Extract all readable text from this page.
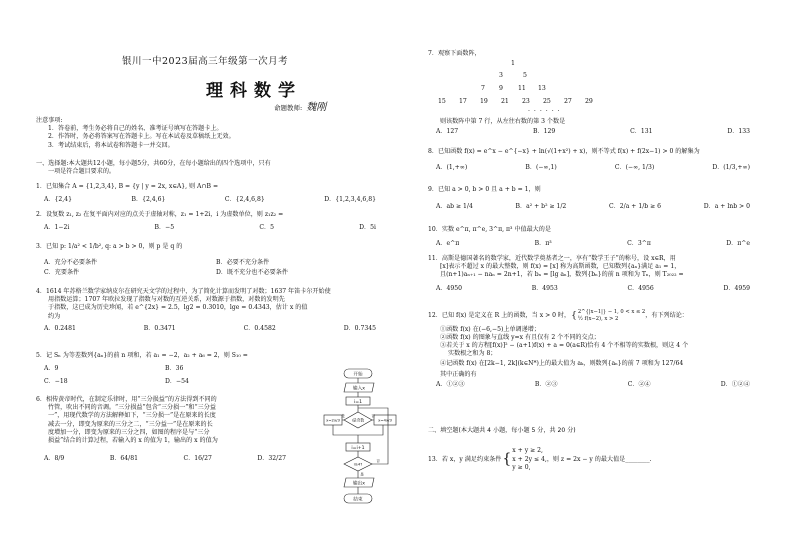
银川一中2023届高三年级第一次月考
理科数学
命题教师: 魏刚
注意事项:
1．答卷前，考生务必将自己的姓名、准考证号填写在答题卡上。
2．作答时，务必将答案写在答题卡上。写在本试卷及草稿纸上无效。
3．考试结束后，将本试卷和答题卡一并交回。
一、选择题:本大题共12小题，每小题5分，共60分，在每小题给出的四个选项中，只有
一项是符合题目要求的。
1．已知集合 A = {1,2,3,4}, B = {y | y = 2x, x∈A}, 则 A∩B =
A．{2,4}	B．{2,4,6}	C．{2,4,6,8}	D．{1,2,3,4,6,8}
2．设复数 z₁, z₂ 在复平面内对应的点关于虚轴对称，z₁ = 1+2i，i 为虚数单位，则 z₁z₂ =
A．1−2i	B．−5	C．5	D．5i
3．已知 p: 1/a² < 1/b², q: a > b > 0，则 p 是 q 的
A．充分不必要条件	B．必要不充分条件
C．充要条件	D．既不充分也不必要条件
4．1614 年苏格兰数学家纳皮尔在研究天文学的过程中，为了简化计算而发明了对数；1637 年笛卡尔开始使
用指数运算；1707 年欧拉发现了指数与对数的互逆关系，对数源于指数，对数的发明先
于指数，这已成为历史珍闻，若 e^{2x} = 2.5，lg2 = 0.3010，lge = 0.4343，估计 x 的值
约为
A．0.2481	B．0.3471	C．0.4582	D．0.7345
5．记 Sₙ 为等差数列{aₙ}的前 n 项和，若 a₁ = −2，a₂ + a₆ = 2，则 S₁₀ =
A．9	B．36
C．−18	D．−54
6．相传黄帝时代，在制定乐律时，用“三分损益”的方法得到不同的
竹管，吹出不同的音调。“三分损益”包含“三分损一”和“三分益
一”，用现代数学的方法解释如下，“三分损一”是在原来的长度
减去一分，即变为原来的三分之二，“三分益一”是在原来的长
度增加一分，即变为原来的三分之四，如图的程序是与“三分
损益”结合的计算过程，若输入的 x 的值为 1，输出的 x 的值为
A．8/9	B．64/81	C．16/27	D．32/27
开始
输入x
i=1
i是奇数
是	否
x=2x/3	x=4x/3
i=i+1
i≥4?
否
是
输出x
结束
7．观察下面数阵，
1
3	5
7 9 11 13
15 17 19 21 23 25 27 29
· · · · · ·
则该数阵中第 7 行，从左往右数的第 3 个数是
A．127	B．129	C．131	D．133
8．已知函数 f(x) = e^x − e^{−x} + ln(√(1+x²) + x)，则不等式 f(x) + f(2x−1) > 0 的解集为
A．(1,+∞)	B．(−∞,1)	C．(−∞, 1/3)	D．(1/3,+∞)
9．已知 a > 0, b > 0 且 a + b = 1，则
A．ab ≥ 1/4	B．a² + b² ≥ 1/2	C．2/a + 1/b ≥ 6	D．a + lnb > 0
10．实数 e^π, π^e, 3^π, π³ 中值最大的是
A．e^π	B．π³	C．3^π	D．π^e
11．高斯是德国著名的数学家，近代数学奠基者之一，享有“数学王子”的称号，设 x∈R，用
[x]表示不超过 x 的最大整数，则 f(x) = [x] 称为高斯函数，已知数列{aₙ}满足 a₁ = 1，
且(n+1)aₙ₊₁ − naₙ = 2n+1，若 bₙ = [lg aₙ]，数列{bₙ}的前 n 项和为 Tₙ，则 T₂₀₂₂ =
A．4950	B．4953	C．4956	D．4959
12．已知 f(x) 是定义在 R 上的函数，当 x > 0 时， { 2^{|x−1|} − 1, 0 < x ≤ 2
½ f(x−2), x > 2
，有下列结论：
①函数 f(x) 在(−6,−5)上单调递增；
②函数 f(x) 的图象与直线 y=x 有且仅有 2 个不同的交点；
③若关于 x 的方程[f(x)]² − (a+1)f(x) + a = 0(a∈R)恰有 4 个不相等的实数根，则这 4 个
实数根之和为 8；
④记函数 f(x) 在[2k−1, 2k](k∈N*)上的最大值为 aₖ，则数列{aₙ}的前 7 项和为 127/64
其中正确的有
A．①②③	B．②③	C．②④	D．①②④
二、填空题(本大题共 4 小题，每小题 5 分，共 20 分)
13．若 x，y 满足约束条件 {
x + y ≥ 2,
x + 2y ≤ 4,
y ≥ 0,
，则 z = 2x − y 的最大值是________.
